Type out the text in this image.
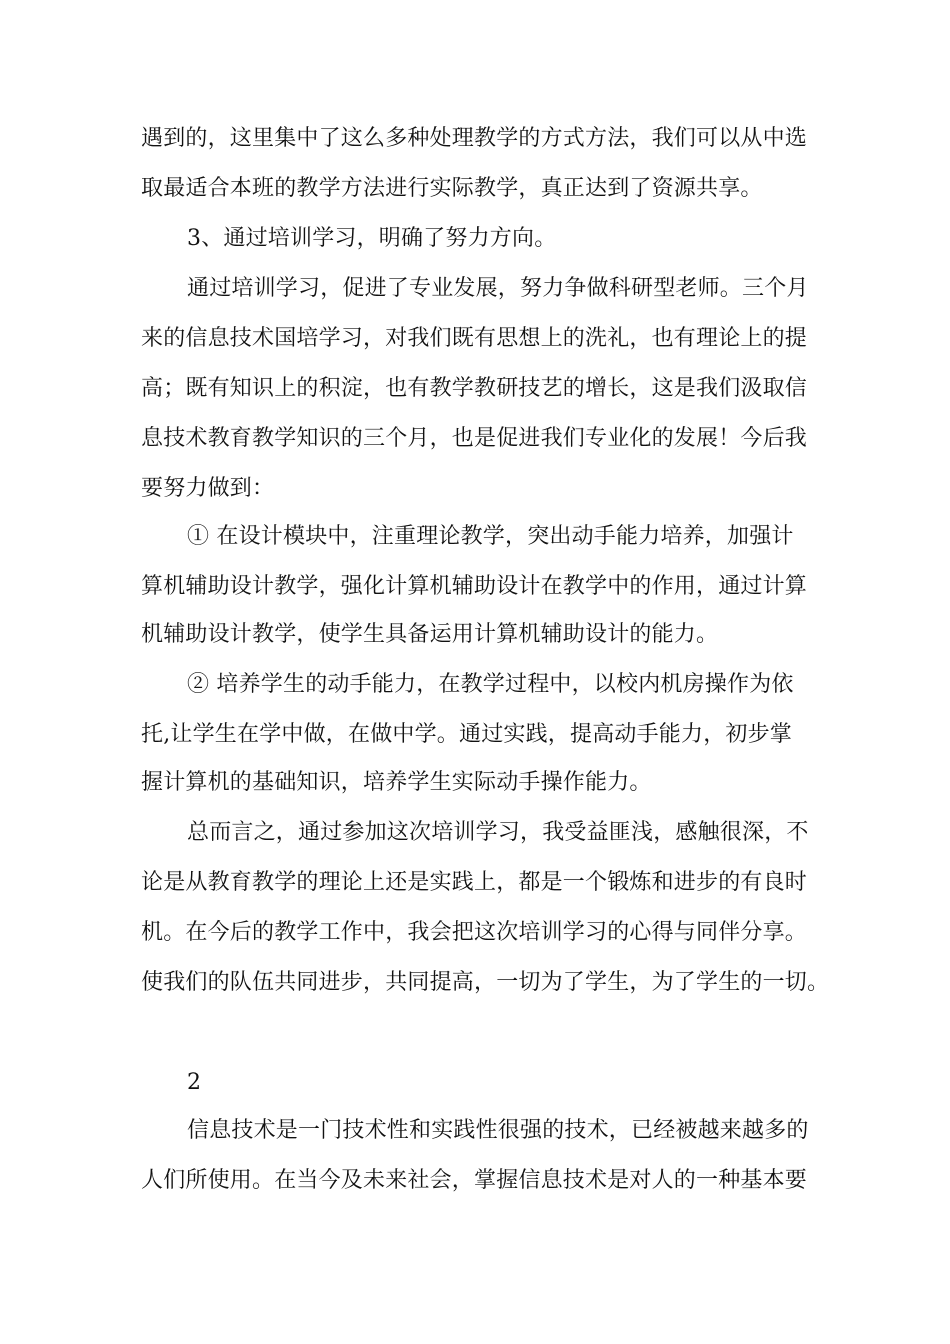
遇到的，这里集中了这么多种处理教学的方式方法，我们可以从中选
取最适合本班的教学方法进行实际教学，真正达到了资源共享。
3、通过培训学习，明确了努力方向。
通过培训学习，促进了专业发展，努力争做科研型老师。三个月
来的信息技术国培学习，对我们既有思想上的洗礼，也有理论上的提
高；既有知识上的积淀，也有教学教研技艺的增长，这是我们汲取信
息技术教育教学知识的三个月，也是促进我们专业化的发展！今后我
要努力做到：
① 在设计模块中，注重理论教学，突出动手能力培养，加强计
算机辅助设计教学，强化计算机辅助设计在教学中的作用，通过计算
机辅助设计教学，使学生具备运用计算机辅助设计的能力。
② 培养学生的动手能力，在教学过程中，以校内机房操作为依
托,让学生在学中做，在做中学。通过实践，提高动手能力，初步掌
握计算机的基础知识，培养学生实际动手操作能力。
总而言之，通过参加这次培训学习，我受益匪浅，感触很深，不
论是从教育教学的理论上还是实践上，都是一个锻炼和进步的有良时
机。在今后的教学工作中，我会把这次培训学习的心得与同伴分享。
使我们的队伍共同进步，共同提高，一切为了学生，为了学生的一切。
2
信息技术是一门技术性和实践性很强的技术，已经被越来越多的
人们所使用。在当今及未来社会，掌握信息技术是对人的一种基本要
